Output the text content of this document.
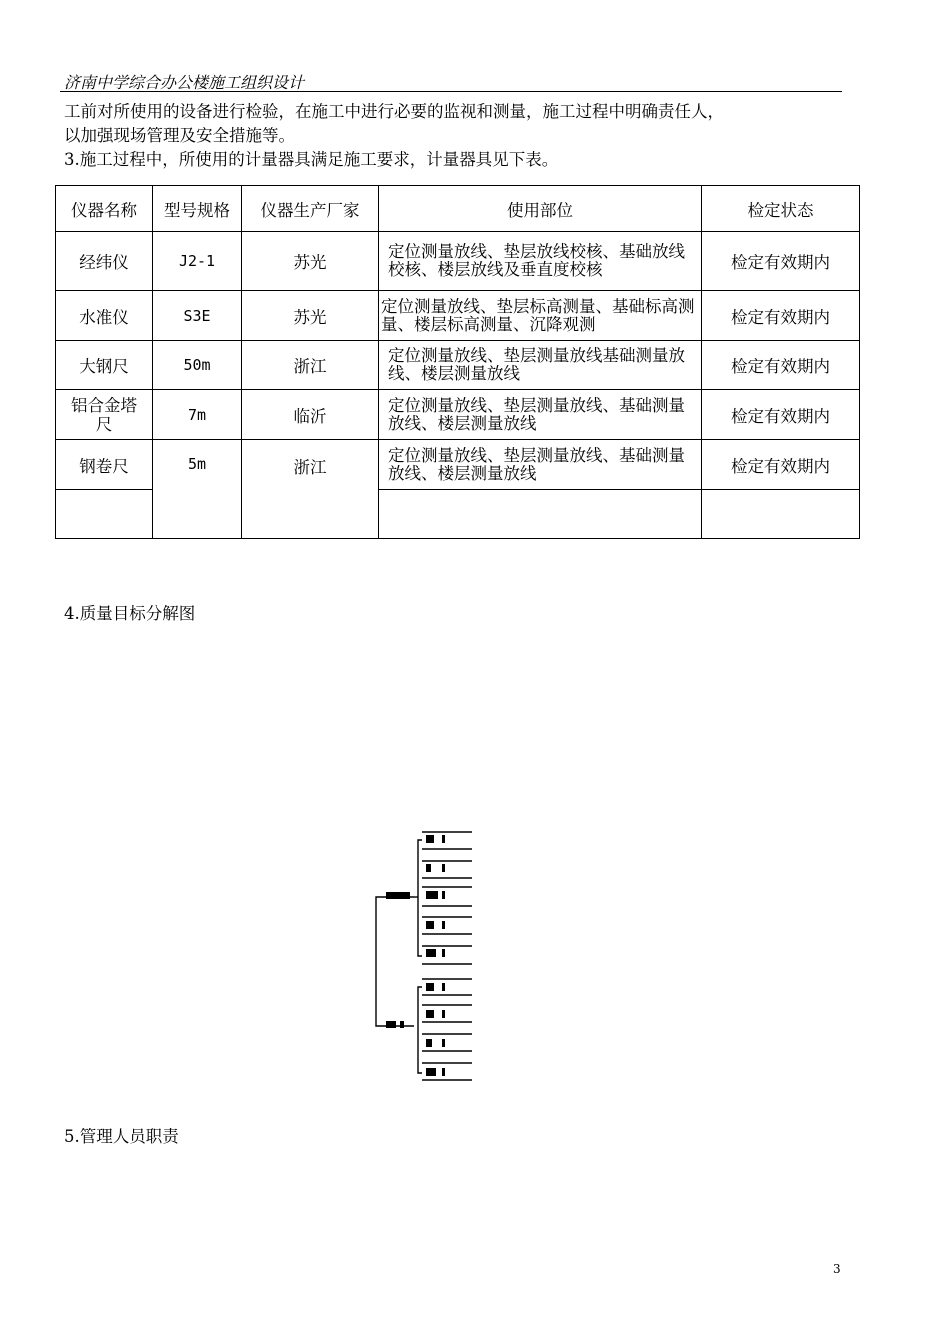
济南中学综合办公楼施工组织设计
工前对所使用的设备进行检验，在施工中进行必要的监视和测量，施工过程中明确责任人，
以加强现场管理及安全措施等。
3.施工过程中，所使用的计量器具满足施工要求，计量器具见下表。
仪器名称	型号规格	仪器生产厂家	使用部位	检定状态
经纬仪	J2-1	苏光	定位测量放线、垫层放线校核、基础放线校核、楼层放线及垂直度校核	检定有效期内
水准仪	S3E	苏光	定位测量放线、垫层标高测量、基础标高测量、楼层标高测量、沉降观测	检定有效期内
大钢尺	50m	浙江	定位测量放线、垫层测量放线基础测量放线、楼层测量放线	检定有效期内
铝合金塔尺	7m	临沂	定位测量放线、垫层测量放线、基础测量放线、楼层测量放线	检定有效期内
钢卷尺	5m	浙江	定位测量放线、垫层测量放线、基础测量放线、楼层测量放线	检定有效期内

4.质量目标分解图
5.管理人员职责
3
